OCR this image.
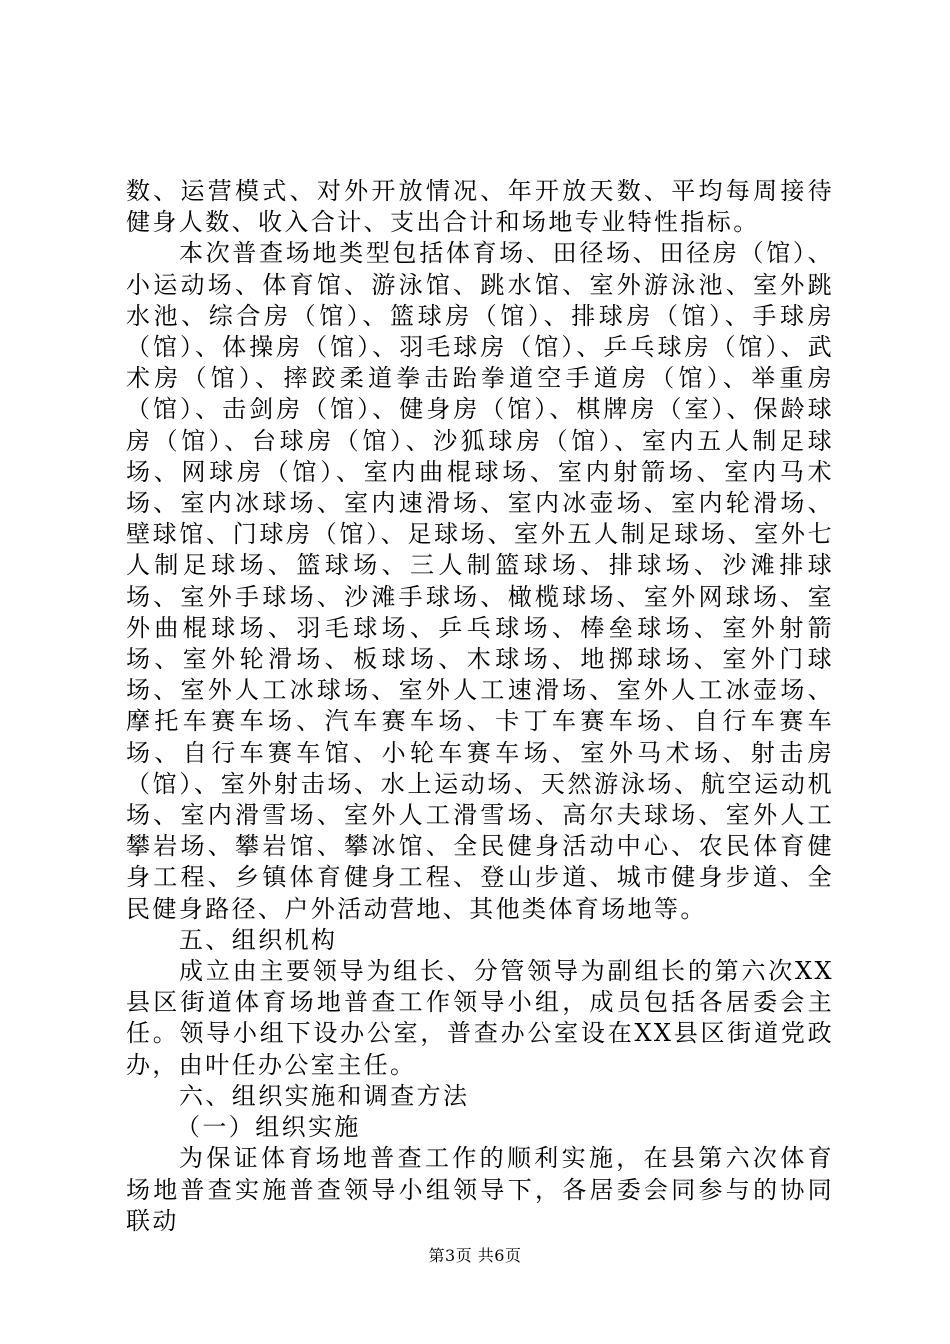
数、运营模式、对外开放情况、年开放天数、平均每周接待健身人数、收入合计、支出合计和场地专业特性指标。

本次普查场地类型包括体育场、田径场、田径房（馆）、小运动场、体育馆、游泳馆、跳水馆、室外游泳池、室外跳水池、综合房（馆）、篮球房（馆）、排球房（馆）、手球房（馆）、体操房（馆）、羽毛球房（馆）、乒乓球房（馆）、武术房（馆）、摔跤柔道拳击跆拳道空手道房（馆）、举重房（馆）、击剑房（馆）、健身房（馆）、棋牌房（室）、保龄球房（馆）、台球房（馆）、沙狐球房（馆）、室内五人制足球场、网球房（馆）、室内曲棍球场、室内射箭场、室内马术场、室内冰球场、室内速滑场、室内冰壶场、室内轮滑场、壁球馆、门球房（馆）、足球场、室外五人制足球场、室外七人制足球场、篮球场、三人制篮球场、排球场、沙滩排球场、室外手球场、沙滩手球场、橄榄球场、室外网球场、室外曲棍球场、羽毛球场、乒乓球场、棒垒球场、室外射箭场、室外轮滑场、板球场、木球场、地掷球场、室外门球场、室外人工冰球场、室外人工速滑场、室外人工冰壶场、摩托车赛车场、汽车赛车场、卡丁车赛车场、自行车赛车场、自行车赛车馆、小轮车赛车场、室外马术场、射击房（馆）、室外射击场、水上运动场、天然游泳场、航空运动机场、室内滑雪场、室外人工滑雪场、高尔夫球场、室外人工攀岩场、攀岩馆、攀冰馆、全民健身活动中心、农民体育健身工程、乡镇体育健身工程、登山步道、城市健身步道、全民健身路径、户外活动营地、其他类体育场地等。

五、组织机构

成立由主要领导为组长、分管领导为副组长的第六次XX县区街道体育场地普查工作领导小组，成员包括各居委会主任。领导小组下设办公室，普查办公室设在XX县区街道党政办，由叶任办公室主任。

六、组织实施和调查方法

（一）组织实施

为保证体育场地普查工作的顺利实施，在县第六次体育场地普查实施普查领导小组领导下，各居委会同参与的协同联动

第3页 共6页
